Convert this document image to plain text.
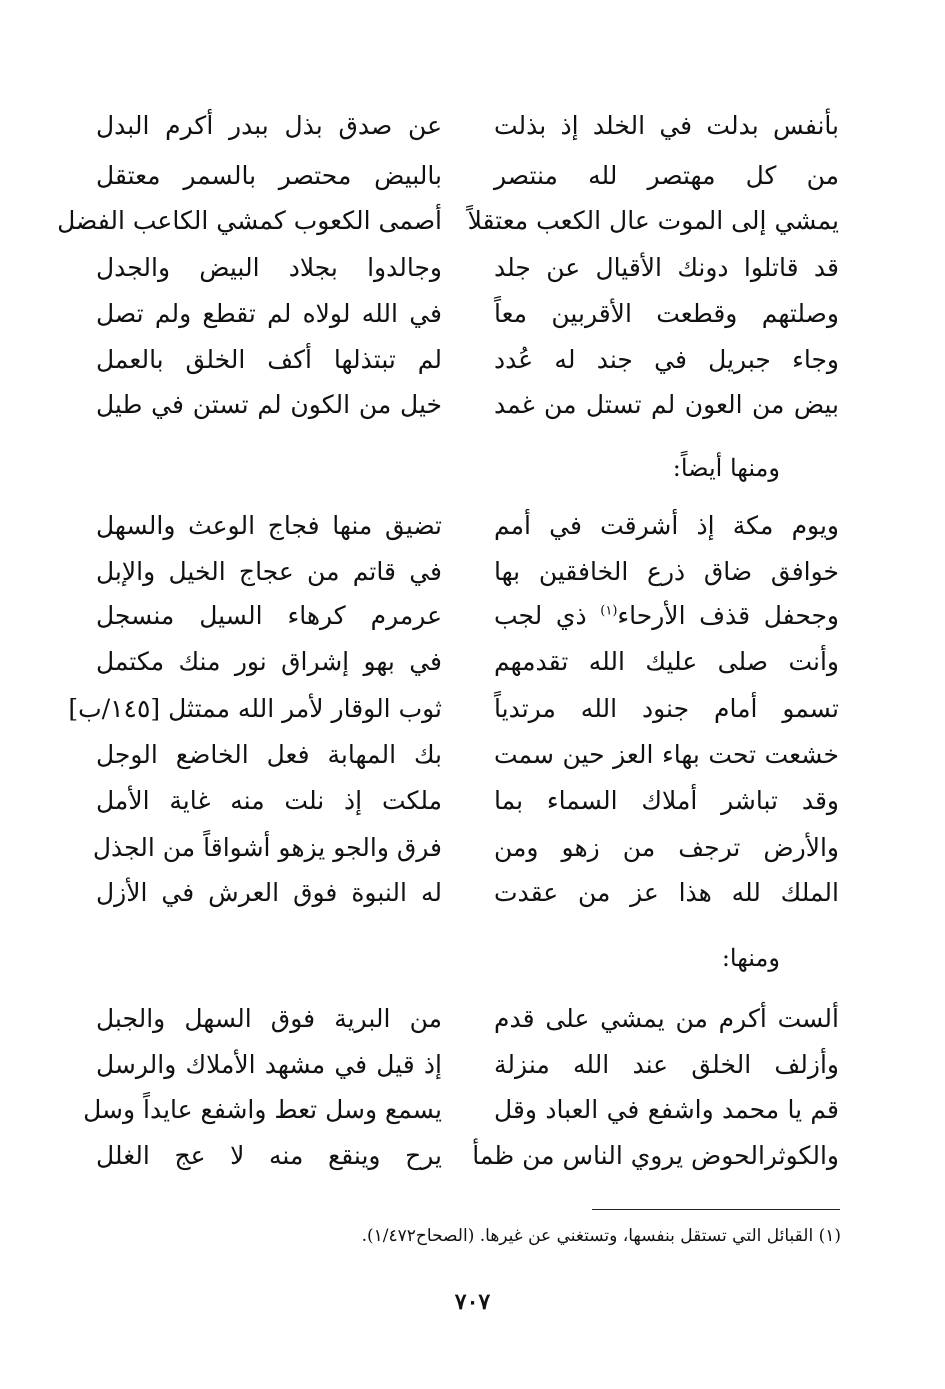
بأنفس بدلت في الخلد إذ بذلت
من كل مهتصر لله منتصر
يمشي إلى الموت عال الكعب معتقلاً
قد قاتلوا دونك الأقيال عن جلد
وصلتهم وقطعت الأقربين معاً
وجاء جبريل في جند له عُدد
بيض من العون لم تستل من غمد
عن صدق بذل ببدر أكرم البدل
بالبيض محتصر بالسمر معتقل
أصمى الكعوب كمشي الكاعب الفضل
وجالدوا بجلاد البيض والجدل
في الله لولاه لم تقطع ولم تصل
لم تبتذلها أكف الخلق بالعمل
خيل من الكون لم تستن في طيل
ومنها أيضاً:
ويوم مكة إذ أشرقت في أمم
خوافق ضاق ذرع الخافقين بها
وجحفل قذف الأرحاء$^{(١)}$ ذي لجب
وأنت صلى عليك الله تقدمهم
تسمو أمام جنود الله مرتدياً
خشعت تحت بهاء العز حين سمت
وقد تباشر أملاك السماء بما
والأرض ترجف من زهو ومن
الملك لله هذا عز من عقدت
تضيق منها فجاج الوعث والسهل
في قاتم من عجاج الخيل والإبل
عرمرم كرهاء السيل منسجل
في بهو إشراق نور منك مكتمل
ثوب الوقار لأمر الله ممتثل [١٤٥/ب]
بك المهابة فعل الخاضع الوجل
ملكت إذ نلت منه غاية الأمل
فرق والجو يزهو أشواقاً من الجذل
له النبوة فوق العرش في الأزل
ومنها:
ألست أكرم من يمشي على قدم
وأزلف الخلق عند الله منزلة
قم يا محمد واشفع في العباد وقل
والكوثرالحوض يروي الناس من ظمأ
من البرية فوق السهل والجبل
إذ قيل في مشهد الأملاك والرسل
يسمع وسل تعط واشفع عايداً وسل
يرح وينقع منه لا عج الغلل
(١) القبائل التي تستقل بنفسها، وتستغني عن غيرها. (الصحاح١/٤٧٢).
٧٠٧
